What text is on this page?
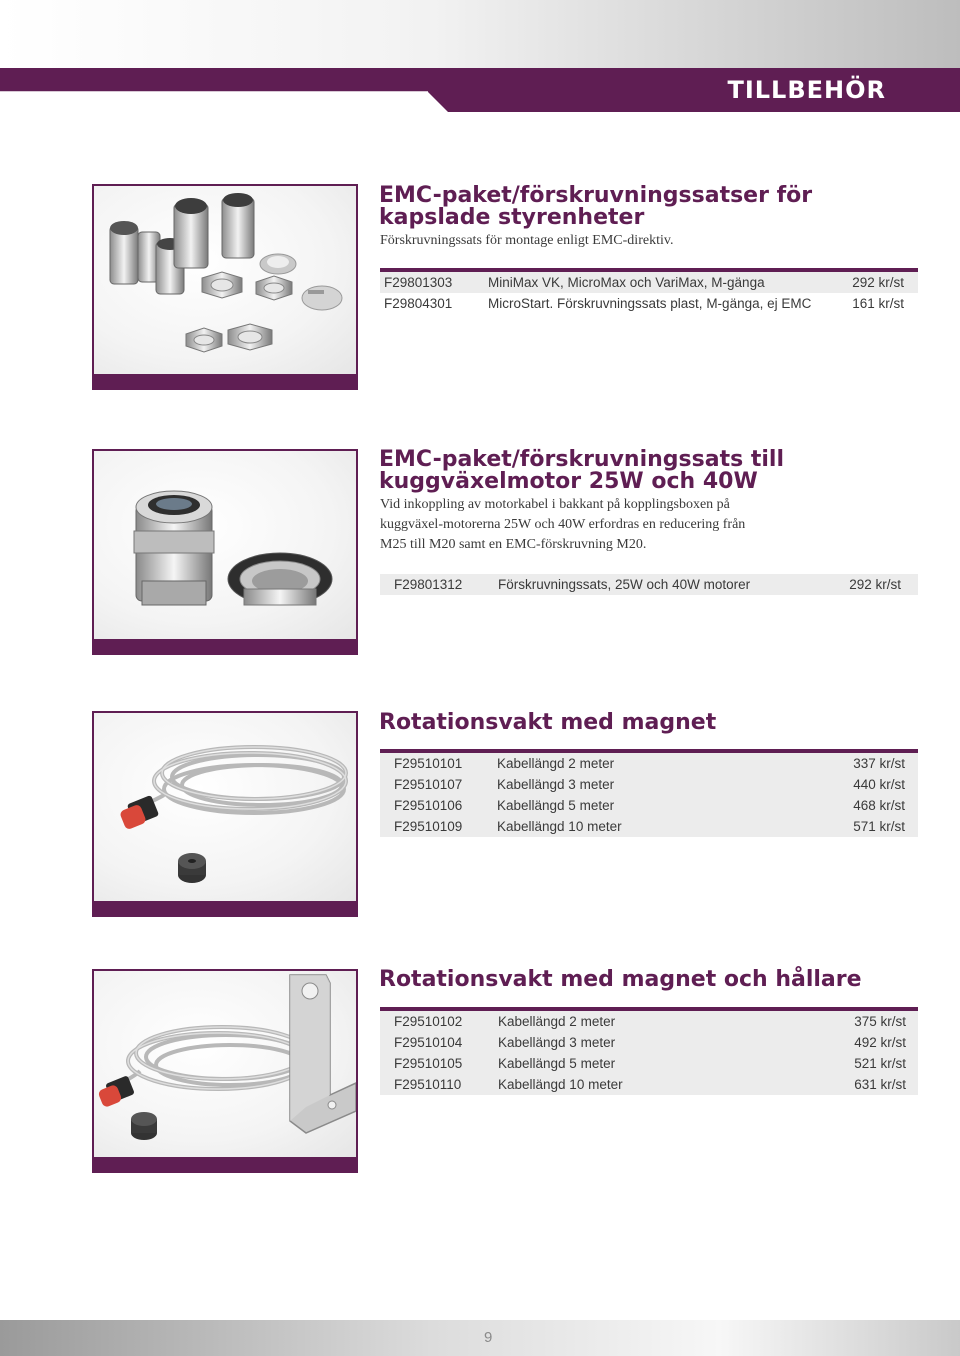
TILLBEHÖR
EMC-paket/förskruvningssatser för
kapslade styrenheter
Förskruvningssats för montage enligt EMC-direktiv.
F29801303	MiniMax VK, MicroMax och VariMax, M-gänga	292 kr/st
F29804301	MicroStart. Förskruvningssats plast, M-gänga, ej EMC	161 kr/st
EMC-paket/förskruvningssats till
kuggväxelmotor 25W och 40W
Vid inkoppling av motorkabel i bakkant på kopplingsboxen på
kuggväxel-motorerna 25W och 40W erfordras en reducering från
M25 till M20 samt en EMC-förskruvning M20.
F29801312	Förskruvningssats, 25W och 40W motorer	292 kr/st
Rotationsvakt med magnet
F29510101	Kabellängd 2 meter	337 kr/st
F29510107	Kabellängd 3 meter	440 kr/st
F29510106	Kabellängd 5 meter	468 kr/st
F29510109	Kabellängd 10 meter	571 kr/st
Rotationsvakt med magnet och hållare
F29510102	Kabellängd 2 meter	375 kr/st
F29510104	Kabellängd 3 meter	492 kr/st
F29510105	Kabellängd 5 meter	521 kr/st
F29510110	Kabellängd 10 meter	631 kr/st
9
